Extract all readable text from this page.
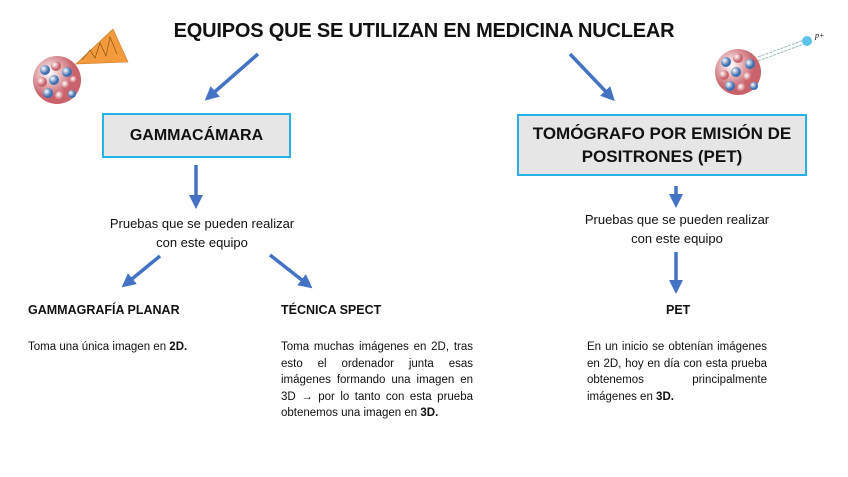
p+
EQUIPOS QUE SE UTILIZAN EN MEDICINA NUCLEAR
GAMMACÁMARA	TOMÓGRAFO POR EMISIÓN DE
POSITRONES (PET)
Pruebas que se pueden realizar
con este equipo
Pruebas que se pueden realizar
con este equipo
GAMMAGRAFÍA PLANAR
Toma una única imagen en 2D.
TÉCNICA SPECT
Toma muchas imágenes en 2D, tras esto el ordenador junta esas imágenes formando una imagen en 3D → por lo tanto con esta prueba obtenemos una imagen en 3D.
PET
En un inicio se obtenían imágenes en 2D, hoy en día con esta prueba obtenemos principalmente imágenes en 3D.
